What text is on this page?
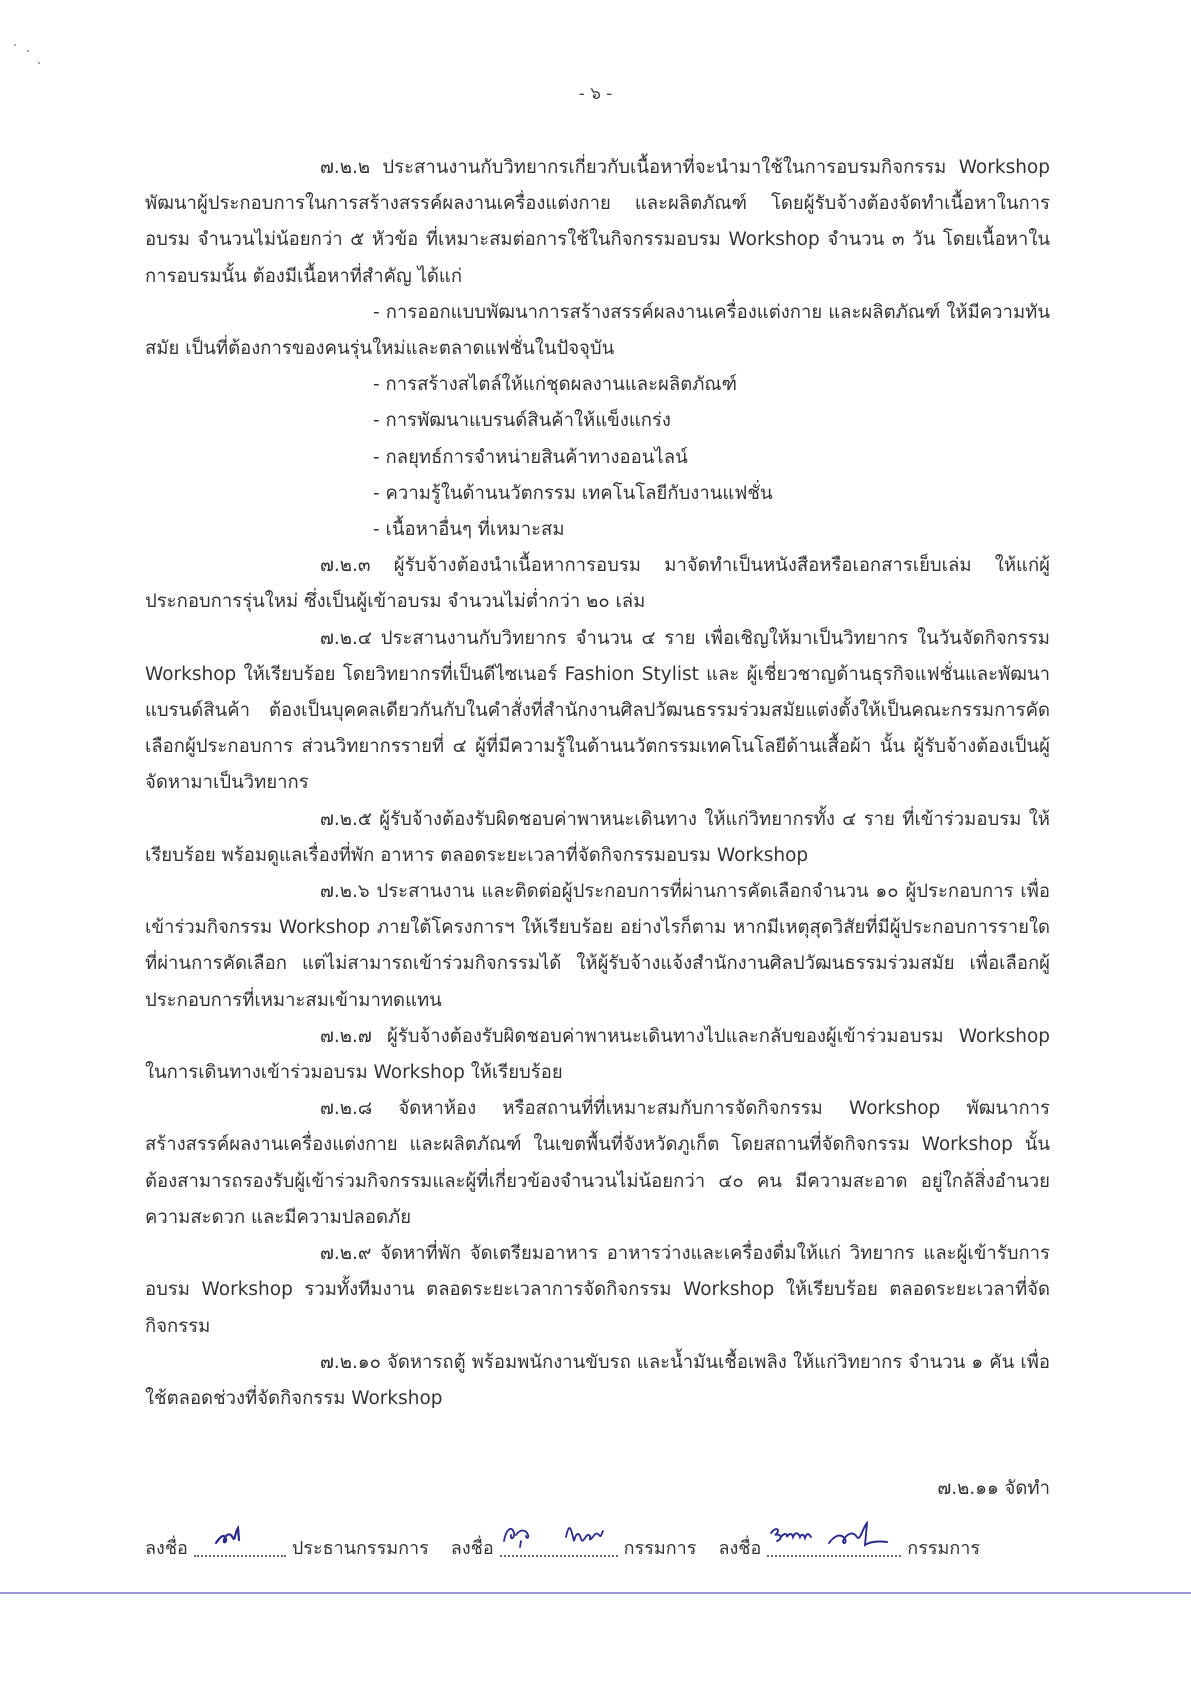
- ๖ -

๗.๒.๒ ประสานงานกับวิทยากรเกี่ยวกับเนื้อหาที่จะนำมาใช้ในการอบรมกิจกรรม Workshop พัฒนาผู้ประกอบการในการสร้างสรรค์ผลงานเครื่องแต่งกาย และผลิตภัณฑ์ โดยผู้รับจ้างต้องจัดทำเนื้อหาในการอบรม จำนวนไม่น้อยกว่า ๕ หัวข้อ ที่เหมาะสมต่อการใช้ในกิจกรรมอบรม Workshop จำนวน ๓ วัน โดยเนื้อหาในการอบรมนั้น ต้องมีเนื้อหาที่สำคัญ ได้แก่

- การออกแบบพัฒนาการสร้างสรรค์ผลงานเครื่องแต่งกาย และผลิตภัณฑ์ ให้มีความทันสมัย เป็นที่ต้องการของคนรุ่นใหม่และตลาดแฟชั่นในปัจจุบัน

- การสร้างสไตล์ให้แก่ชุดผลงานและผลิตภัณฑ์

- การพัฒนาแบรนด์สินค้าให้แข็งแกร่ง

- กลยุทธ์การจำหน่ายสินค้าทางออนไลน์

- ความรู้ในด้านนวัตกรรม เทคโนโลยีกับงานแฟชั่น

- เนื้อหาอื่นๆ ที่เหมาะสม

๗.๒.๓ ผู้รับจ้างต้องนำเนื้อหาการอบรม มาจัดทำเป็นหนังสือหรือเอกสารเย็บเล่ม ให้แก่ผู้ประกอบการรุ่นใหม่ ซึ่งเป็นผู้เข้าอบรม จำนวนไม่ต่ำกว่า ๒๐ เล่ม

๗.๒.๔ ประสานงานกับวิทยากร จำนวน ๔ ราย เพื่อเชิญให้มาเป็นวิทยากร ในวันจัดกิจกรรม Workshop ให้เรียบร้อย โดยวิทยากรที่เป็นดีไซเนอร์ Fashion Stylist และ ผู้เชี่ยวชาญด้านธุรกิจแฟชั่นและพัฒนาแบรนด์สินค้า ต้องเป็นบุคคลเดียวกันกับในคำสั่งที่สำนักงานศิลปวัฒนธรรมร่วมสมัยแต่งตั้งให้เป็นคณะกรรมการคัดเลือกผู้ประกอบการ ส่วนวิทยากรรายที่ ๔ ผู้ที่มีความรู้ในด้านนวัตกรรมเทคโนโลยีด้านเสื้อผ้า นั้น ผู้รับจ้างต้องเป็นผู้จัดหามาเป็นวิทยากร

๗.๒.๕ ผู้รับจ้างต้องรับผิดชอบค่าพาหนะเดินทาง ให้แก่วิทยากรทั้ง ๔ ราย ที่เข้าร่วมอบรม ให้เรียบร้อย พร้อมดูแลเรื่องที่พัก อาหาร ตลอดระยะเวลาที่จัดกิจกรรมอบรม Workshop

๗.๒.๖ ประสานงาน และติดต่อผู้ประกอบการที่ผ่านการคัดเลือกจำนวน ๑๐ ผู้ประกอบการ เพื่อเข้าร่วมกิจกรรม Workshop ภายใต้โครงการฯ ให้เรียบร้อย อย่างไรก็ตาม หากมีเหตุสุดวิสัยที่มีผู้ประกอบการรายใดที่ผ่านการคัดเลือก แต่ไม่สามารถเข้าร่วมกิจกรรมได้ ให้ผู้รับจ้างแจ้งสำนักงานศิลปวัฒนธรรมร่วมสมัย เพื่อเลือกผู้ประกอบการที่เหมาะสมเข้ามาทดแทน

๗.๒.๗ ผู้รับจ้างต้องรับผิดชอบค่าพาหนะเดินทางไปและกลับของผู้เข้าร่วมอบรม Workshop ในการเดินทางเข้าร่วมอบรม Workshop ให้เรียบร้อย

๗.๒.๘ จัดหาห้อง หรือสถานที่ที่เหมาะสมกับการจัดกิจกรรม Workshop พัฒนาการสร้างสรรค์ผลงานเครื่องแต่งกาย และผลิตภัณฑ์ ในเขตพื้นที่จังหวัดภูเก็ต โดยสถานที่จัดกิจกรรม Workshop นั้น ต้องสามารถรองรับผู้เข้าร่วมกิจกรรมและผู้ที่เกี่ยวข้องจำนวนไม่น้อยกว่า ๔๐ คน มีความสะอาด อยู่ใกล้สิ่งอำนวยความสะดวก และมีความปลอดภัย

๗.๒.๙ จัดหาที่พัก จัดเตรียมอาหาร อาหารว่างและเครื่องดื่มให้แก่ วิทยากร และผู้เข้ารับการอบรม Workshop รวมทั้งทีมงาน ตลอดระยะเวลาการจัดกิจกรรม Workshop ให้เรียบร้อย ตลอดระยะเวลาที่จัดกิจกรรม

๗.๒.๑๐ จัดหารถตู้ พร้อมพนักงานขับรถ และน้ำมันเชื้อเพลิง ให้แก่วิทยากร จำนวน ๑ คัน เพื่อใช้ตลอดช่วงที่จัดกิจกรรม Workshop

๗.๒.๑๑ จัดทำ

ลงชื่อ	ประธานกรรมการ ลงชื่อ	กรรมการ ลงชื่อ	กรรมการ
